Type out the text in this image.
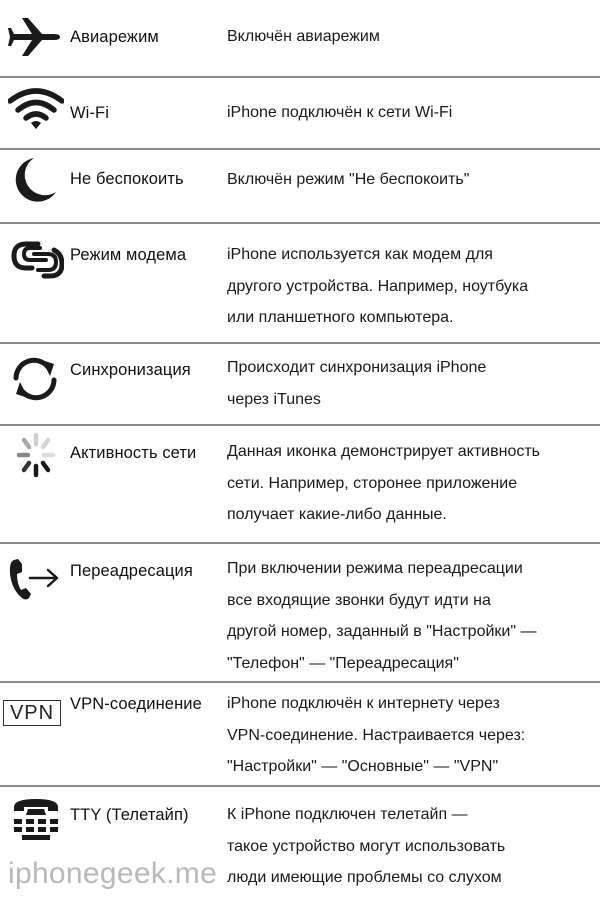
Авиарежим	Включён авиарежим
Wi-Fi	iPhone подключён к сети Wi-Fi
Не беспокоить	Включён режим "Не беспокоить"
Режим модема	iPhone используется как модем для
другого устройства. Например, ноутбука
или планшетного компьютера.
Синхронизация	Происходит синхронизация iPhone
через iTunes
Активность сети	Данная иконка демонстрирует активность
сети. Например, сторонее приложение
получает какие-либо данные.
Переадресация	При включении режима переадресации
все входящие звонки будут идти на
другой номер, заданный в "Настройки" —
"Телефон" — "Переадресация"
VPN VPN-соединение	iPhone подключён к интернету через
VPN-соединение. Настраивается через:
"Настройки" — "Основные" — "VPN"
TTY (Телетайп)	К iPhone подключен телетайп —
такое устройство могут использовать
люди имеющие проблемы со слухом
iphonegeek.me
